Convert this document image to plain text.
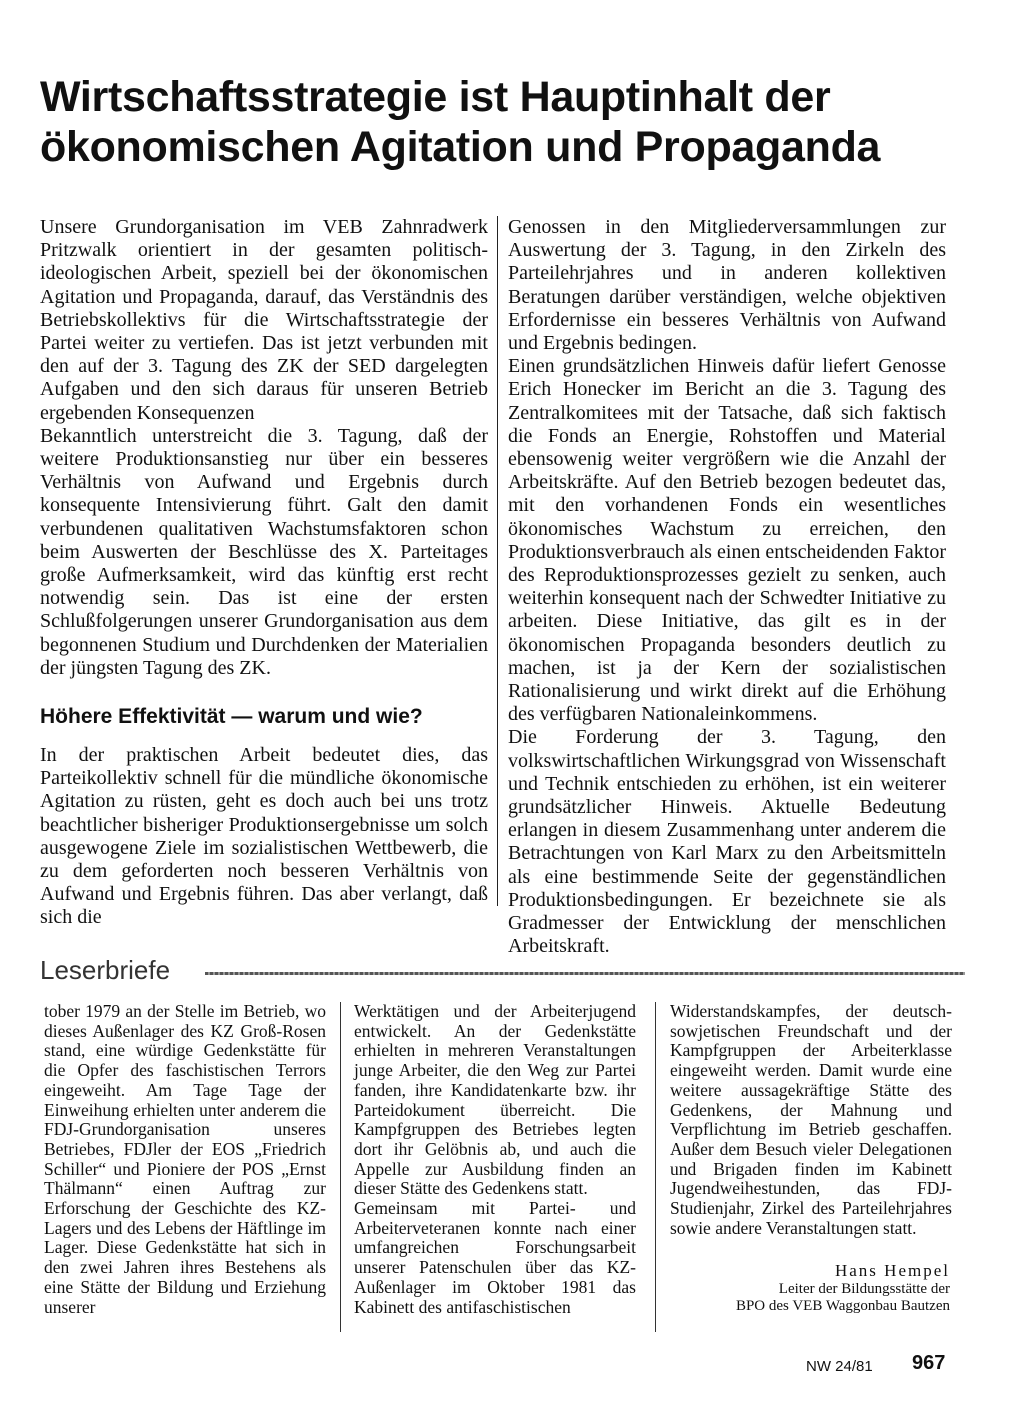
Wirtschaftsstrategie ist Hauptinhalt der
ökonomischen Agitation und Propaganda

Unsere Grundorganisation im VEB Zahnradwerk Pritzwalk orientiert in der gesamten politisch-ideologischen Arbeit, speziell bei der ökonomischen Agitation und Propaganda, darauf, das Verständnis des Betriebskollektivs für die Wirtschaftsstrategie der Partei weiter zu vertiefen. Das ist jetzt verbunden mit den auf der 3. Tagung des ZK der SED dargelegten Aufgaben und den sich daraus für unseren Betrieb ergebenden Konsequenzen

Bekanntlich unterstreicht die 3. Tagung, daß der weitere Produktionsanstieg nur über ein besseres Verhältnis von Aufwand und Ergebnis durch konsequente Intensivierung führt. Galt den damit verbundenen qualitativen Wachstumsfaktoren schon beim Auswerten der Beschlüsse des X. Parteitages große Aufmerksamkeit, wird das künftig erst recht notwendig sein. Das ist eine der ersten Schlußfolgerungen unserer Grundorganisation aus dem begonnenen Studium und Durchdenken der Materialien der jüngsten Tagung des ZK.

Höhere Effektivität — warum und wie?

In der praktischen Arbeit bedeutet dies, das Parteikollektiv schnell für die mündliche ökonomische Agitation zu rüsten, geht es doch auch bei uns trotz beachtlicher bisheriger Produktionsergebnisse um solch ausgewogene Ziele im sozialistischen Wettbewerb, die zu dem geforderten noch besseren Verhältnis von Aufwand und Ergebnis führen. Das aber verlangt, daß sich die

Genossen in den Mitgliederversammlungen zur Auswertung der 3. Tagung, in den Zirkeln des Parteilehrjahres und in anderen kollektiven Beratungen darüber verständigen, welche objektiven Erfordernisse ein besseres Verhältnis von Aufwand und Ergebnis bedingen.

Einen grundsätzlichen Hinweis dafür liefert Genosse Erich Honecker im Bericht an die 3. Tagung des Zentralkomitees mit der Tatsache, daß sich faktisch die Fonds an Energie, Rohstoffen und Material ebensowenig weiter vergrößern wie die Anzahl der Arbeitskräfte. Auf den Betrieb bezogen bedeutet das, mit den vorhandenen Fonds ein wesentliches ökonomisches Wachstum zu erreichen, den Produktionsverbrauch als einen entscheidenden Faktor des Reproduktionsprozesses gezielt zu senken, auch weiterhin konsequent nach der Schwedter Initiative zu arbeiten. Diese Initiative, das gilt es in der ökonomischen Propaganda besonders deutlich zu machen, ist ja der Kern der sozialistischen Rationalisierung und wirkt direkt auf die Erhöhung des verfügbaren Nationaleinkommens.

Die Forderung der 3. Tagung, den volkswirtschaftlichen Wirkungsgrad von Wissenschaft und Technik entschieden zu erhöhen, ist ein weiterer grundsätzlicher Hinweis. Aktuelle Bedeutung erlangen in diesem Zusammenhang unter anderem die Betrachtungen von Karl Marx zu den Arbeitsmitteln als eine bestimmende Seite der gegenständlichen Produktionsbedingungen. Er bezeichnete sie als Gradmesser der Entwicklung der menschlichen Arbeitskraft.

Leserbriefe

tober 1979 an der Stelle im Betrieb, wo dieses Außenlager des KZ Groß-Rosen stand, eine würdige Gedenkstätte für die Opfer des faschistischen Terrors eingeweiht. Am Tage Tage der Einweihung erhielten unter anderem die FDJ-Grundorganisation unseres Betriebes, FDJler der EOS „Friedrich Schiller“ und Pioniere der POS „Ernst Thälmann“ einen Auftrag zur Erforschung der Geschichte des KZ-Lagers und des Lebens der Häftlinge im Lager. Diese Gedenkstätte hat sich in den zwei Jahren ihres Bestehens als eine Stätte der Bildung und Erziehung unserer

Werktätigen und der Arbeiterjugend entwickelt. An der Gedenkstätte erhielten in mehreren Veranstaltungen junge Arbeiter, die den Weg zur Partei fanden, ihre Kandidatenkarte bzw. ihr Parteidokument überreicht. Die Kampfgruppen des Betriebes legten dort ihr Gelöbnis ab, und auch die Appelle zur Ausbildung finden an dieser Stätte des Gedenkens statt.

Gemeinsam mit Partei- und Arbeiterveteranen konnte nach einer umfangreichen Forschungsarbeit unserer Patenschulen über das KZ-Außenlager im Oktober 1981 das Kabinett des antifaschistischen

Widerstandskampfes, der deutsch-sowjetischen Freundschaft und der Kampfgruppen der Arbeiterklasse eingeweiht werden. Damit wurde eine weitere aussagekräftige Stätte des Gedenkens, der Mahnung und Verpflichtung im Betrieb geschaffen. Außer dem Besuch vieler Delegationen und Brigaden finden im Kabinett Jugendweihestunden, das FDJ-Studienjahr, Zirkel des Parteilehrjahres sowie andere Veranstaltungen statt.

Hans Hempel
Leiter der Bildungsstätte der
BPO des VEB Waggonbau Bautzen
NW 24/81 967
